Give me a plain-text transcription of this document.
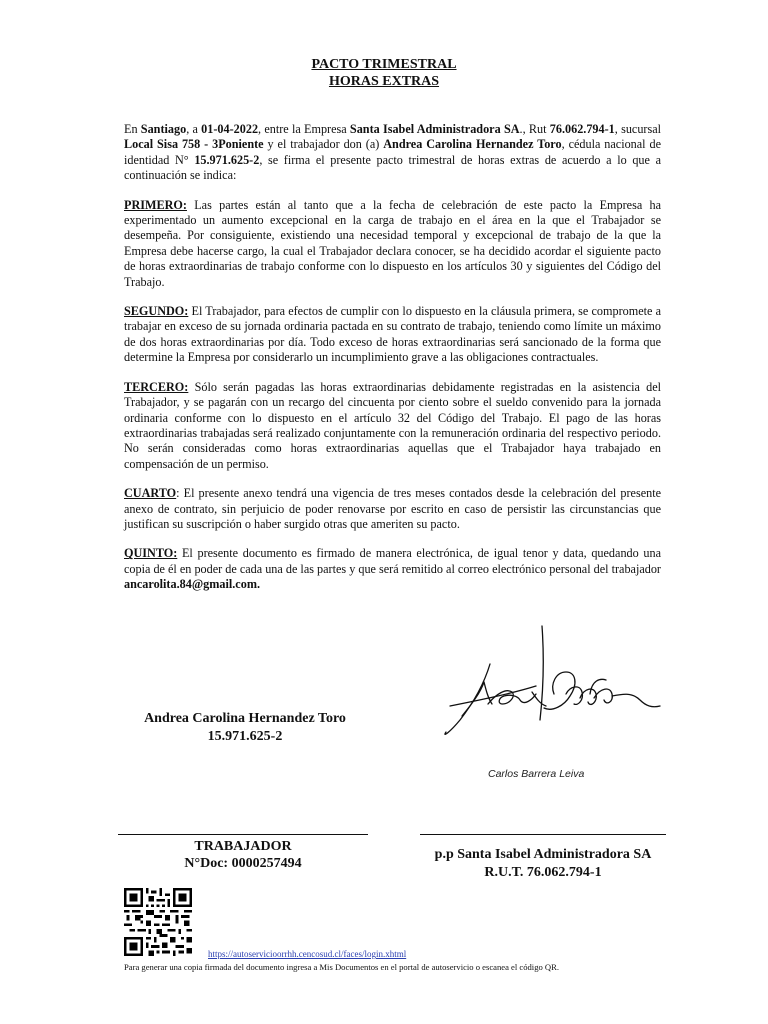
PACTO TRIMESTRAL
HORAS EXTRAS

En Santiago, a 01-04-2022, entre la Empresa Santa Isabel Administradora SA., Rut 76.062.794-1, sucursal Local Sisa 758 - 3Poniente y el trabajador don (a) Andrea Carolina Hernandez Toro, cédula nacional de identidad N° 15.971.625-2, se firma el presente pacto trimestral de horas extras de acuerdo a lo que a continuación se indica:

PRIMERO: Las partes están al tanto que a la fecha de celebración de este pacto la Empresa ha experimentado un aumento excepcional en la carga de trabajo en el área en la que el Trabajador se desempeña. Por consiguiente, existiendo una necesidad temporal y excepcional de trabajo de la que la Empresa debe hacerse cargo, la cual el Trabajador declara conocer, se ha decidido acordar el siguiente pacto de horas extraordinarias de trabajo conforme con lo dispuesto en los artículos 30 y siguientes del Código del Trabajo.

SEGUNDO: El Trabajador, para efectos de cumplir con lo dispuesto en la cláusula primera, se compromete a trabajar en exceso de su jornada ordinaria pactada en su contrato de trabajo, teniendo como límite un máximo de dos horas extraordinarias por día. Todo exceso de horas extraordinarias será sancionado de la forma que determine la Empresa por considerarlo un incumplimiento grave a las obligaciones contractuales.

TERCERO: Sólo serán pagadas las horas extraordinarias debidamente registradas en la asistencia del Trabajador, y se pagarán con un recargo del cincuenta por ciento sobre el sueldo convenido para la jornada ordinaria conforme con lo dispuesto en el artículo 32 del Código del Trabajo. El pago de las horas extraordinarias trabajadas será realizado conjuntamente con la remuneración ordinaria del respectivo periodo. No serán consideradas como horas extraordinarias aquellas que el Trabajador haya trabajado en compensación de un permiso.

CUARTO: El presente anexo tendrá una vigencia de tres meses contados desde la celebración del presente anexo de contrato, sin perjuicio de poder renovarse por escrito en caso de persistir las circunstancias que justifican su suscripción o haber surgido otras que ameriten su pacto.

QUINTO: El presente documento es firmado de manera electrónica, de igual tenor y data, quedando una copia de él en poder de cada una de las partes y que será remitido al correo electrónico personal del trabajador ancarolita.84@gmail.com.

Andrea Carolina Hernandez Toro
15.971.625-2
Carlos Barrera Leiva
TRABAJADOR
N°Doc: 0000257494
p.p Santa Isabel Administradora SA
R.U.T. 76.062.794-1
https://autoservicioorrhh.cencosud.cl/faces/login.xhtml
Para generar una copia firmada del documento ingresa a Mis Documentos en el portal de autoservicio o escanea el código QR.
